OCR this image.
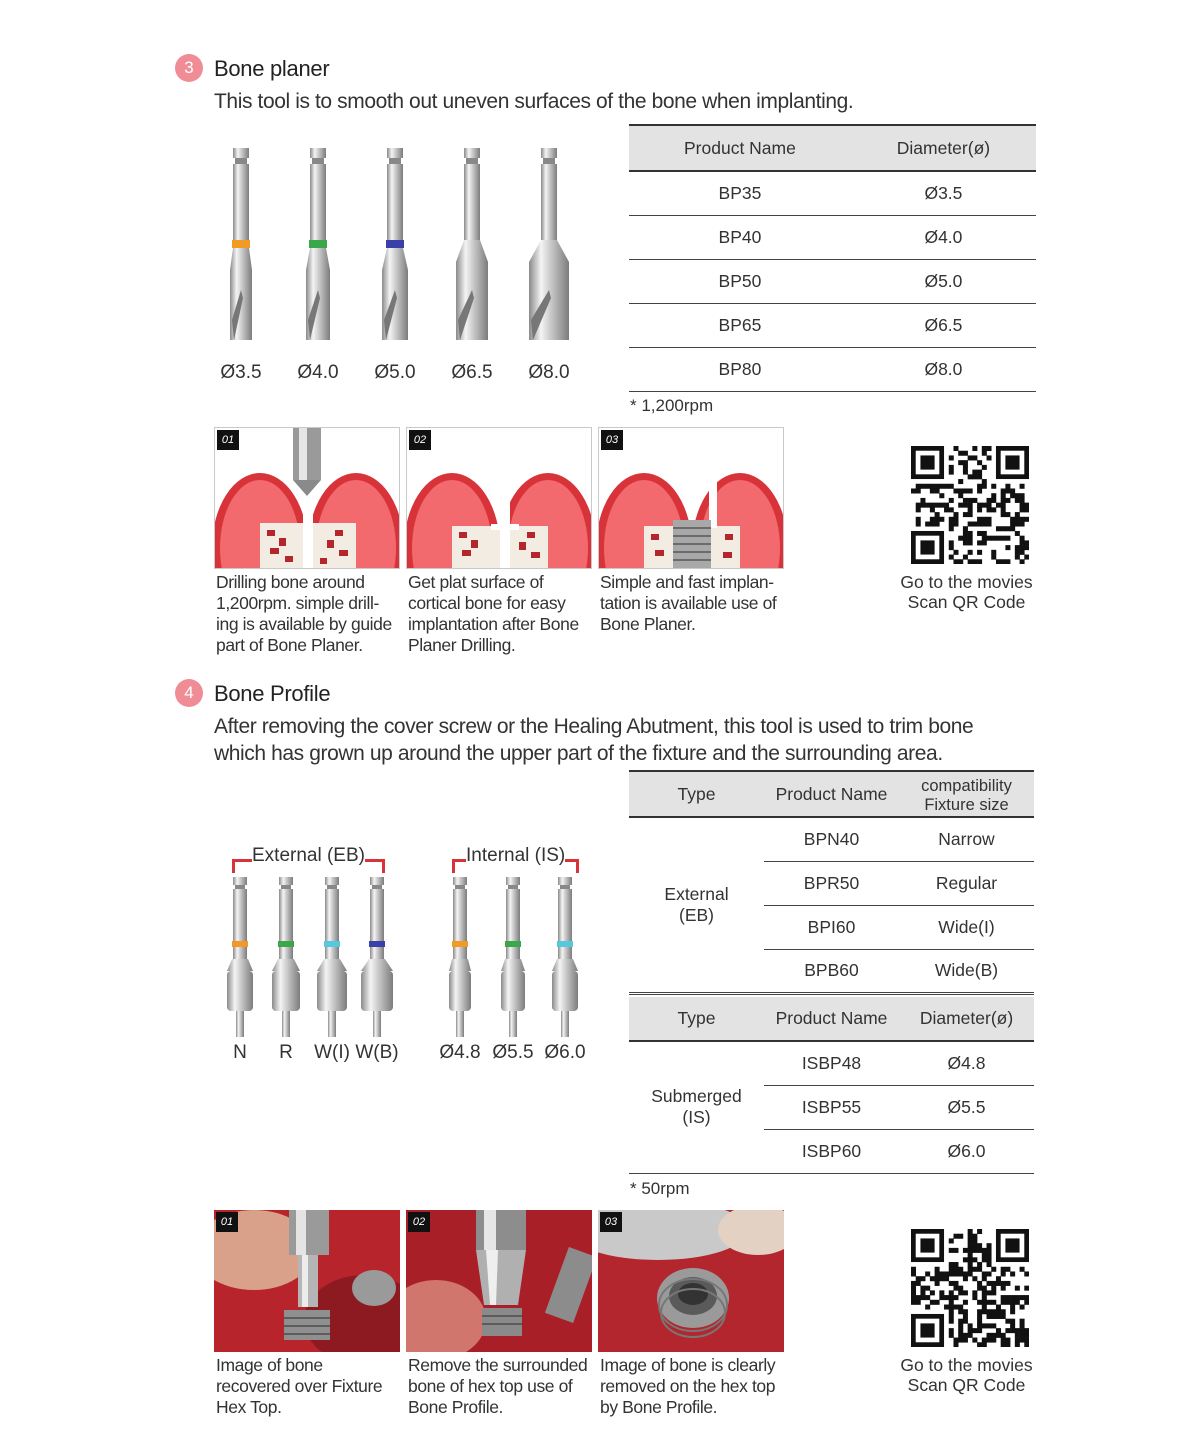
3 Bone planer
This tool is to smooth out uneven surfaces of the bone when implanting.
Ø3.5	Ø4.0	Ø5.0	Ø6.5	Ø8.0
Product Name	Diameter(ø)
BP35	Ø3.5
BP40	Ø4.0
BP50	Ø5.0
BP65	Ø6.5
BP80	Ø8.0
* 1,200rpm
01	02	03
Drilling bone around
1,200rpm. simple drill-
ing is available by guide
part of Bone Planer.
Get plat surface of
cortical bone for easy
implantation after Bone
Planer Drilling.
Simple and fast implan-
tation is available use of
Bone Planer.
Go to the movies
Scan QR Code
4 Bone Profile
After removing the cover screw or the Healing Abutment, this tool is used to trim bone
which has grown up around the upper part of the fixture and the surrounding area.
External (EB)	Internal (IS)
N	R	W(I) W(B) Ø4.8 Ø5.5 Ø6.0
Type	Product Name	compatibility Fixture size
External (EB)	BPN40	Narrow
	BPR50	Regular
	BPI60	Wide(I)
	BPB60	Wide(B)
Type	Product Name	Diameter(ø)
Submerged (IS)	ISBP48	Ø4.8
	ISBP55	Ø5.5
	ISBP60	Ø6.0
* 50rpm
01	02	03
Image of bone
recovered over Fixture
Hex Top.
Remove the surrounded
bone of hex top use of
Bone Profile.
Image of bone is clearly
removed on the hex top
by Bone Profile.
Go to the movies
Scan QR Code
